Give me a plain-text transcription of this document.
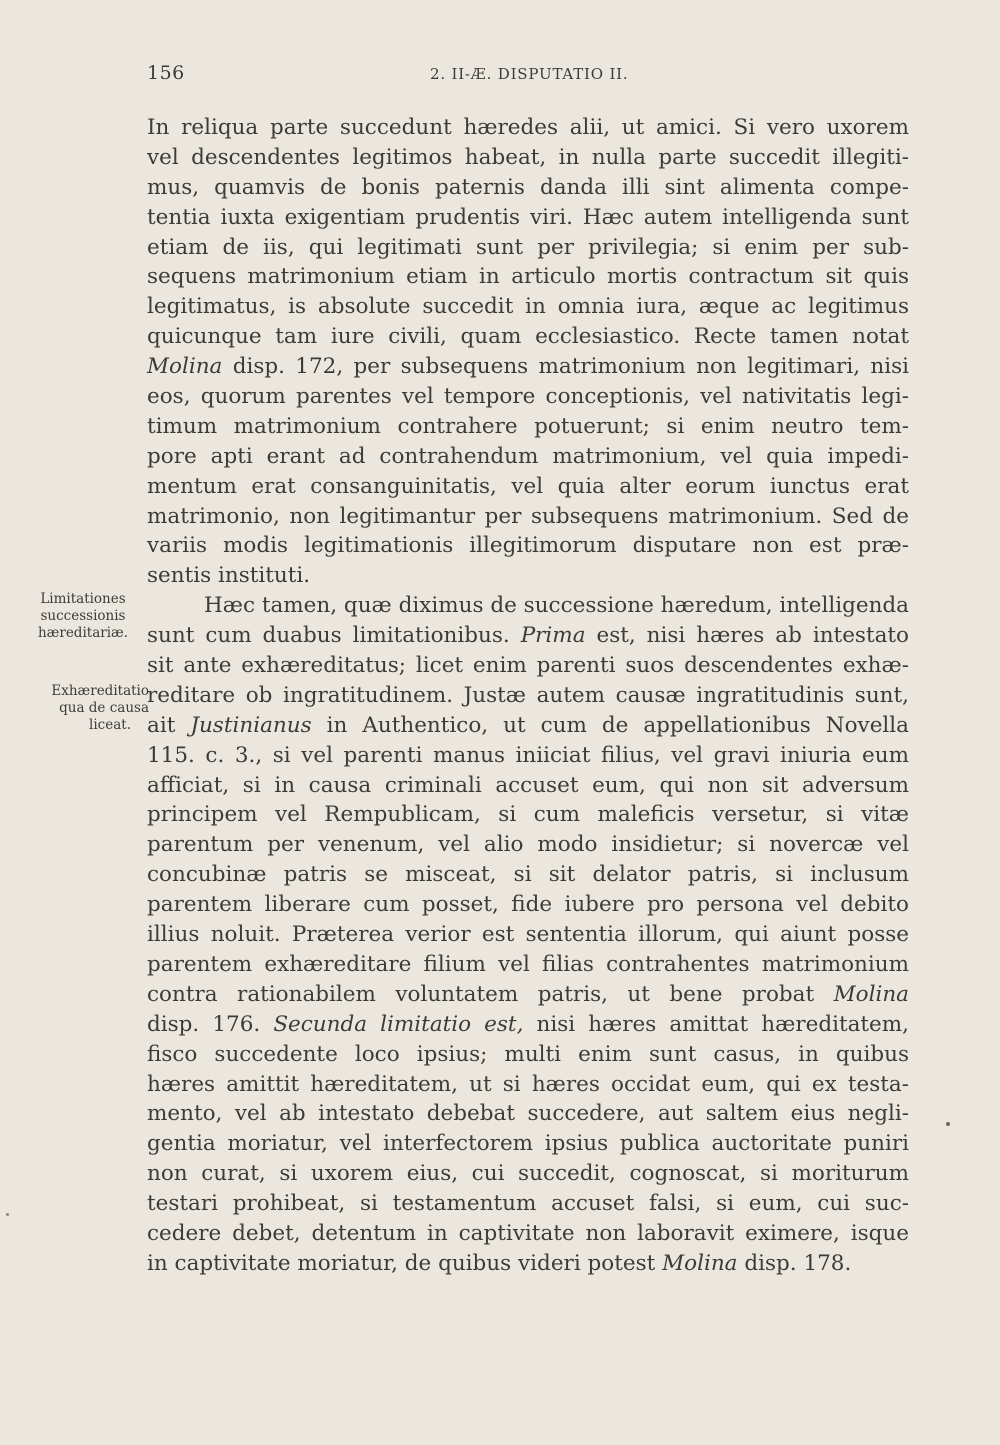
156	2. II-Æ. DISPUTATIO II.
Limitationes
successionis
hæreditariæ.
Exhæreditatio
qua de causa
liceat.
In reliqua parte succedunt hæredes alii, ut amici. Si vero uxorem
vel descendentes legitimos habeat, in nulla parte succedit illegiti-
mus, quamvis de bonis paternis danda illi sint alimenta compe-
tentia iuxta exigentiam prudentis viri. Hæc autem intelligenda sunt
etiam de iis, qui legitimati sunt per privilegia; si enim per sub-
sequens matrimonium etiam in articulo mortis contractum sit quis
legitimatus, is absolute succedit in omnia iura, æque ac legitimus
quicunque tam iure civili, quam ecclesiastico. Recte tamen notat
Molina disp. 172, per subsequens matrimonium non legitimari, nisi
eos, quorum parentes vel tempore conceptionis, vel nativitatis legi-
timum matrimonium contrahere potuerunt; si enim neutro tem-
pore apti erant ad contrahendum matrimonium, vel quia impedi-
mentum erat consanguinitatis, vel quia alter eorum iunctus erat
matrimonio, non legitimantur per subsequens matrimonium. Sed de
variis modis legitimationis illegitimorum disputare non est præ-
sentis instituti.
Hæc tamen, quæ diximus de successione hæredum, intelligenda
sunt cum duabus limitationibus. Prima est, nisi hæres ab intestato
sit ante exhæreditatus; licet enim parenti suos descendentes exhæ-
reditare ob ingratitudinem. Justæ autem causæ ingratitudinis sunt,
ait Justinianus in Authentico, ut cum de appellationibus Novella
115. c. 3., si vel parenti manus iniiciat filius, vel gravi iniuria eum
afficiat, si in causa criminali accuset eum, qui non sit adversum
principem vel Rempublicam, si cum maleficis versetur, si vitæ
parentum per venenum, vel alio modo insidietur; si novercæ vel
concubinæ patris se misceat, si sit delator patris, si inclusum
parentem liberare cum posset, fide iubere pro persona vel debito
illius noluit. Præterea verior est sententia illorum, qui aiunt posse
parentem exhæreditare filium vel filias contrahentes matrimonium
contra rationabilem voluntatem patris, ut bene probat Molina
disp. 176. Secunda limitatio est, nisi hæres amittat hæreditatem,
fisco succedente loco ipsius; multi enim sunt casus, in quibus
hæres amittit hæreditatem, ut si hæres occidat eum, qui ex testa-
mento, vel ab intestato debebat succedere, aut saltem eius negli-
gentia moriatur, vel interfectorem ipsius publica auctoritate puniri
non curat, si uxorem eius, cui succedit, cognoscat, si moriturum
testari prohibeat, si testamentum accuset falsi, si eum, cui suc-
cedere debet, detentum in captivitate non laboravit eximere, isque
in captivitate moriatur, de quibus videri potest Molina disp. 178.
